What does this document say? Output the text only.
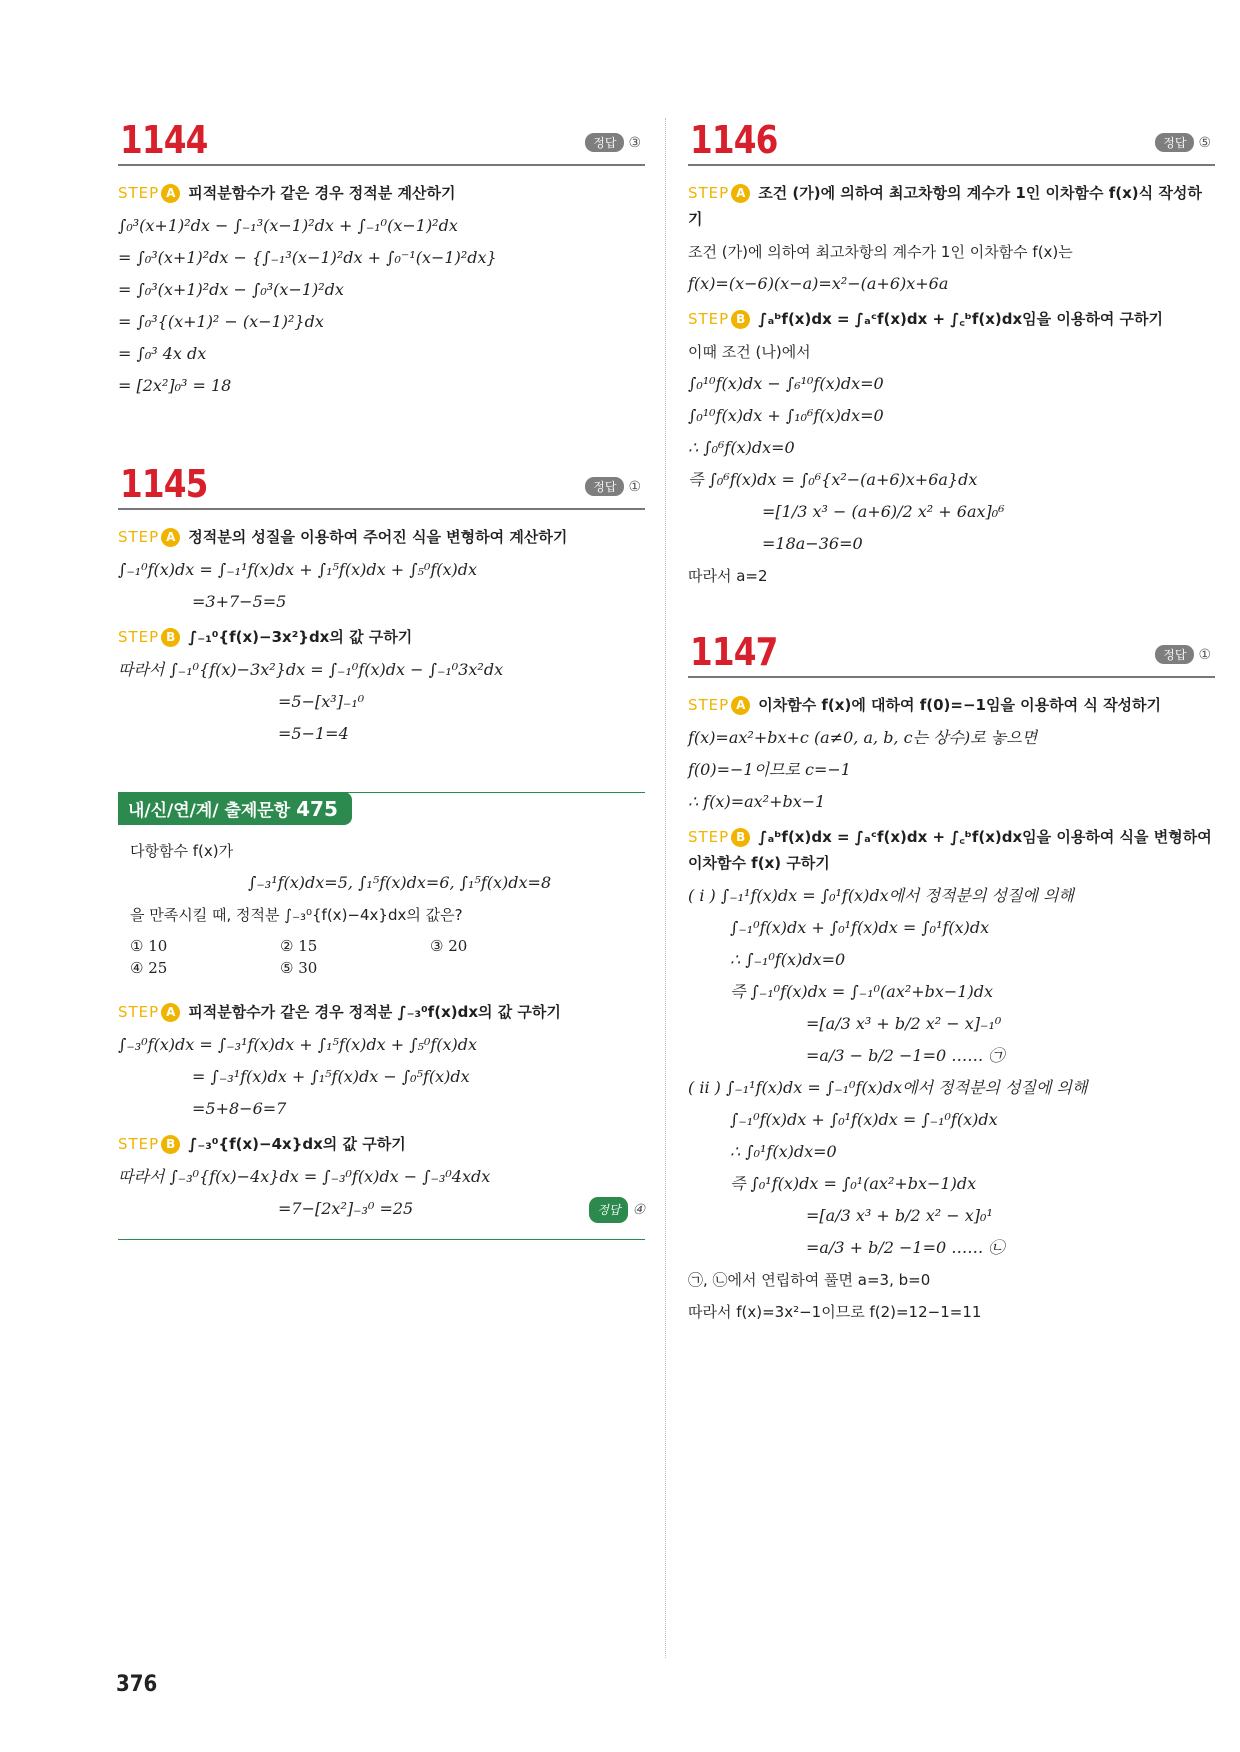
1144	정답 ③
STEP A 피적분함수가 같은 경우 정적분 계산하기
∫₀³(x+1)²dx − ∫₋₁³(x−1)²dx + ∫₋₁⁰(x−1)²dx
= ∫₀³(x+1)²dx − {∫₋₁³(x−1)²dx + ∫₀⁻¹(x−1)²dx}
= ∫₀³(x+1)²dx − ∫₀³(x−1)²dx
= ∫₀³{(x+1)² − (x−1)²}dx
= ∫₀³ 4x dx
= [2x²]₀³ = 18
1145	정답 ①
STEP A 정적분의 성질을 이용하여 주어진 식을 변형하여 계산하기
∫₋₁⁰f(x)dx = ∫₋₁¹f(x)dx + ∫₁⁵f(x)dx + ∫₅⁰f(x)dx
=3+7−5=5
STEP B ∫₋₁⁰{f(x)−3x²}dx의 값 구하기
따라서 ∫₋₁⁰{f(x)−3x²}dx = ∫₋₁⁰f(x)dx − ∫₋₁⁰3x²dx
=5−[x³]₋₁⁰
=5−1=4
내/신/연/계/ 출제문항 475
다항함수 f(x)가
∫₋₃¹f(x)dx=5, ∫₁⁵f(x)dx=6, ∫₁⁵f(x)dx=8
을 만족시킬 때, 정적분 ∫₋₃⁰{f(x)−4x}dx의 값은?
① 10	② 15	③ 20
④ 25	⑤ 30
STEP A 피적분함수가 같은 경우 정적분 ∫₋₃⁰f(x)dx의 값 구하기
∫₋₃⁰f(x)dx = ∫₋₃¹f(x)dx + ∫₁⁵f(x)dx + ∫₅⁰f(x)dx
= ∫₋₃¹f(x)dx + ∫₁⁵f(x)dx − ∫₀⁵f(x)dx
=5+8−6=7
STEP B ∫₋₃⁰{f(x)−4x}dx의 값 구하기
따라서 ∫₋₃⁰{f(x)−4x}dx = ∫₋₃⁰f(x)dx − ∫₋₃⁰4xdx
=7−[2x²]₋₃⁰ =25	정답 ④
1146	정답 ⑤
STEP A 조건 (가)에 의하여 최고차항의 계수가 1인 이차함수 f(x)식 작성하기
조건 (가)에 의하여 최고차항의 계수가 1인 이차함수 f(x)는
f(x)=(x−6)(x−a)=x²−(a+6)x+6a
STEP B ∫ₐᵇf(x)dx = ∫ₐᶜf(x)dx + ∫꜀ᵇf(x)dx임을 이용하여 구하기
이때 조건 (나)에서
∫₀¹⁰f(x)dx − ∫₆¹⁰f(x)dx=0
∫₀¹⁰f(x)dx + ∫₁₀⁶f(x)dx=0
∴ ∫₀⁶f(x)dx=0
즉 ∫₀⁶f(x)dx = ∫₀⁶{x²−(a+6)x+6a}dx
=[1/3 x³ − (a+6)/2 x² + 6ax]₀⁶
=18a−36=0
따라서 a=2
1147	정답 ①
STEP A 이차함수 f(x)에 대하여 f(0)=−1임을 이용하여 식 작성하기
f(x)=ax²+bx+c (a≠0, a, b, c는 상수)로 놓으면
f(0)=−1이므로 c=−1
∴ f(x)=ax²+bx−1
STEP B ∫ₐᵇf(x)dx = ∫ₐᶜf(x)dx + ∫꜀ᵇf(x)dx임을 이용하여 식을 변형하여 이차함수 f(x) 구하기
( i ) ∫₋₁¹f(x)dx = ∫₀¹f(x)dx에서 정적분의 성질에 의해
∫₋₁⁰f(x)dx + ∫₀¹f(x)dx = ∫₀¹f(x)dx
∴ ∫₋₁⁰f(x)dx=0
즉 ∫₋₁⁰f(x)dx = ∫₋₁⁰(ax²+bx−1)dx
=[a/3 x³ + b/2 x² − x]₋₁⁰
=a/3 − b/2 −1=0 …… ㉠
( ii ) ∫₋₁¹f(x)dx = ∫₋₁⁰f(x)dx에서 정적분의 성질에 의해
∫₋₁⁰f(x)dx + ∫₀¹f(x)dx = ∫₋₁⁰f(x)dx
∴ ∫₀¹f(x)dx=0
즉 ∫₀¹f(x)dx = ∫₀¹(ax²+bx−1)dx
=[a/3 x³ + b/2 x² − x]₀¹
=a/3 + b/2 −1=0 …… ㉡
㉠, ㉡에서 연립하여 풀면 a=3, b=0
따라서 f(x)=3x²−1이므로 f(2)=12−1=11
376
